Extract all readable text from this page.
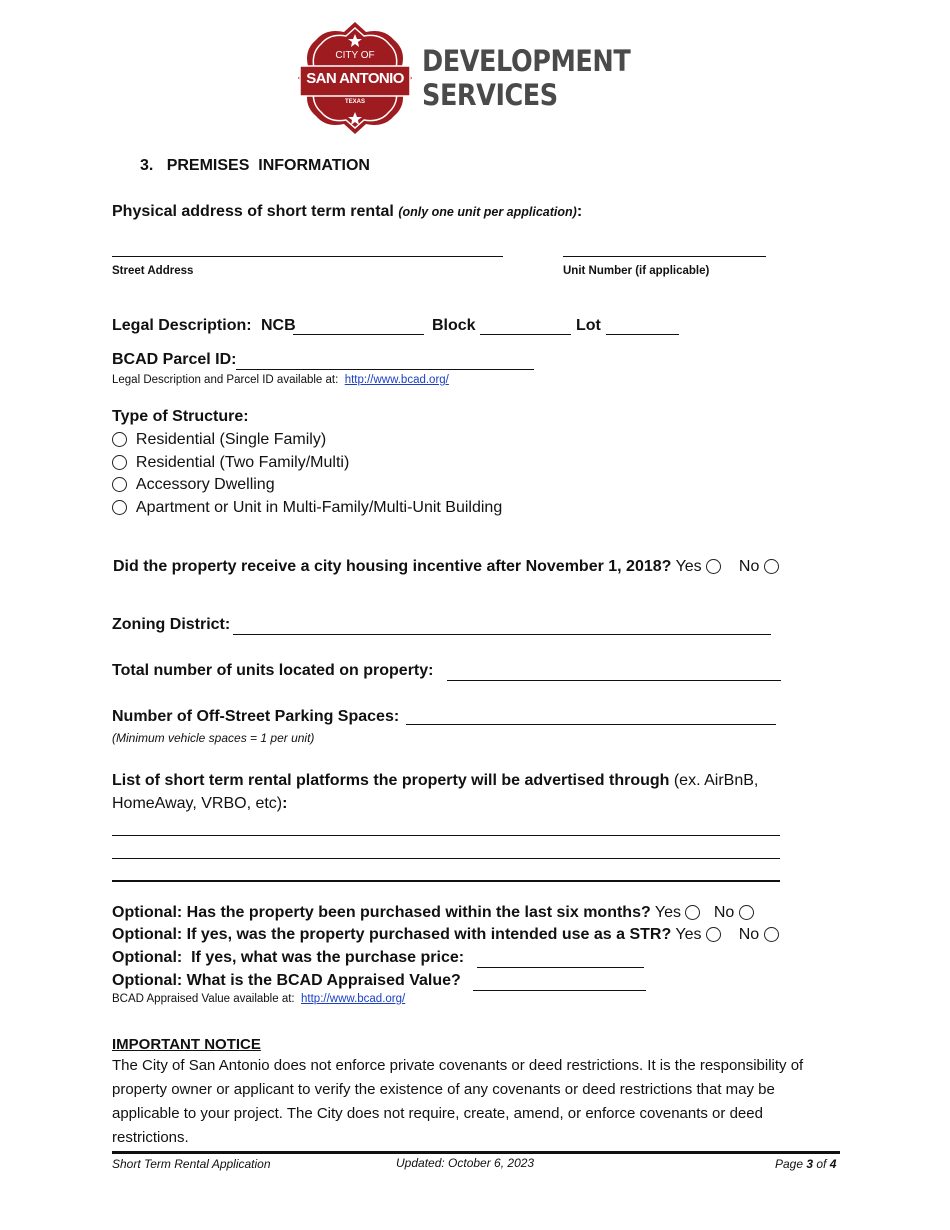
CITY OF
SAN ANTONIO
TEXAS
DEVELOPMENT
SERVICES
3. PREMISES  INFORMATION
Physical address of short term rental (only one unit per application):
Street Address	Unit Number (if applicable)
Legal Description: NCB	Block	Lot
BCAD Parcel ID:
Legal Description and Parcel ID available at:  http://www.bcad.org/
Type of Structure:
Residential (Single Family)
Residential (Two Family/Multi)
Accessory Dwelling
Apartment or Unit in Multi-Family/Multi-Unit Building
Did the property receive a city housing incentive after November 1, 2018? Yes No
Zoning District:
Total number of units located on property:
Number of Off-Street Parking Spaces:
(Minimum vehicle spaces = 1 per unit)
List of short term rental platforms the property will be advertised through (ex. AirBnB,
HomeAway, VRBO, etc):
Optional: Has the property been purchased within the last six months? Yes No
Optional: If yes, was the property purchased with intended use as a STR? Yes No
Optional:  If yes, what was the purchase price:
Optional: What is the BCAD Appraised Value?
BCAD Appraised Value available at:  http://www.bcad.org/
IMPORTANT NOTICE
The City of San Antonio does not enforce private covenants or deed restrictions. It is the responsibility of property owner or applicant to verify the existence of any covenants or deed restrictions that may be applicable to your project. The City does not require, create, amend, or enforce covenants or deed restrictions.
Short Term Rental Application	Updated: October 6, 2023	Page 3 of 4
